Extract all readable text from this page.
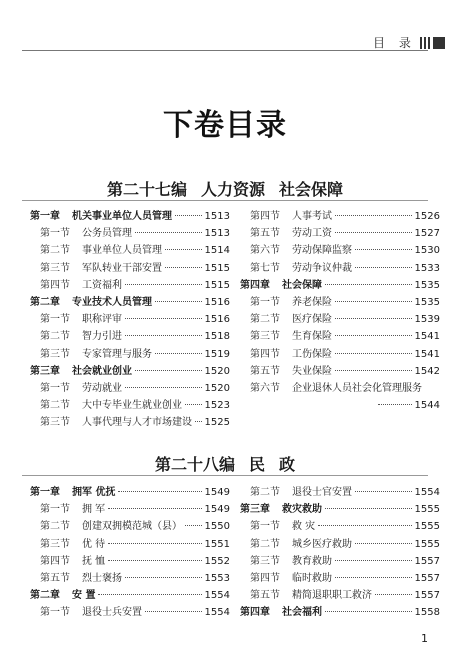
目 录
下卷目录
第二十七编 人力资源 社会保障
第一章	机关事业单位人员管理	1513
第一节	公务员管理	1513
第二节	事业单位人员管理	1514
第三节	军队转业干部安置	1515
第四节	工资福利	1515
第二章	专业技术人员管理	1516
第一节	职称评审	1516
第二节	智力引进	1518
第三节	专家管理与服务	1519
第三章	社会就业创业	1520
第一节	劳动就业	1520
第二节	大中专毕业生就业创业 1523
第三节	人事代理与人才市场建设 1525
第四节	人事考试	1526
第五节	劳动工资	1527
第六节	劳动保障监察	1530
第七节	劳动争议仲裁	1533
第四章	社会保障	1535
第一节	养老保险	1535
第二节	医疗保险	1539
第三节	生育保险	1541
第四节	工伤保险	1541
第五节	失业保险	1542
第六节	企业退休人员社会化管理服务
1544
第二十八编 民 政
第一章	拥军 优抚	1549
第一节	拥 军	1549
第二节	创建双拥模范城（县） 1550
第三节	优 待	1551
第四节	抚 恤	1552
第五节	烈士褒扬	1553
第二章	安 置	1554
第一节	退役士兵安置	1554
第二节	退役士官安置	1554
第三章	救灾救助	1555
第一节	救 灾	1555
第二节	城乡医疗救助	1555
第三节	教育救助	1557
第四节	临时救助	1557
第五节	精简退职职工救济	1557
第四章	社会福利	1558
1
